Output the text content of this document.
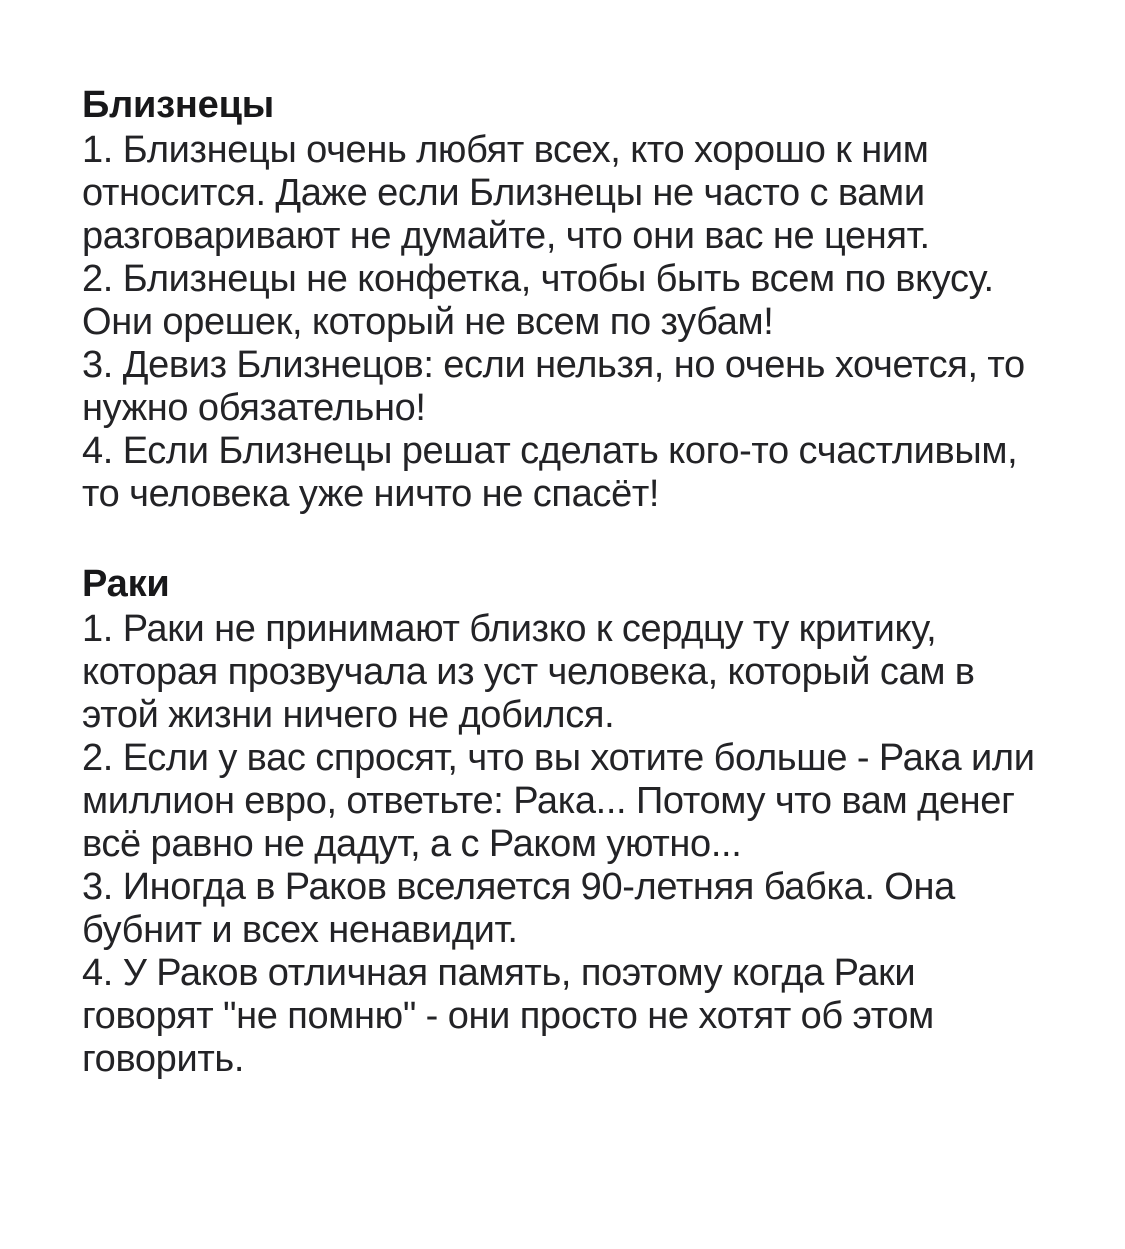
Близнецы

1. Близнецы очень любят всех, кто хорошо к ним относится. Даже если Близнецы не часто с вами разговаривают не думайте, что они вас не ценят.

2. Близнецы не конфетка, чтобы быть всем по вкусу. Они орешек, который не всем по зубам!

3. Девиз Близнецов: если нельзя, но очень хочется, то нужно обязательно!

4. Если Близнецы решат сделать кого-то счастливым, то человека уже ничто не спасёт!

Раки

1. Раки не принимают близко к сердцу ту критику, которая прозвучала из уст человека, который сам в этой жизни ничего не добился.

2. Если у вас спросят, что вы хотите больше - Рака или миллион евро, ответьте: Рака... Потому что вам денег всё равно не дадут, а с Раком уютно...

3. Иногда в Раков вселяется 90-летняя бабка. Она бубнит и всех ненавидит.

4. У Раков отличная память, поэтому когда Раки говорят "не помню" - они просто не хотят об этом говорить.
